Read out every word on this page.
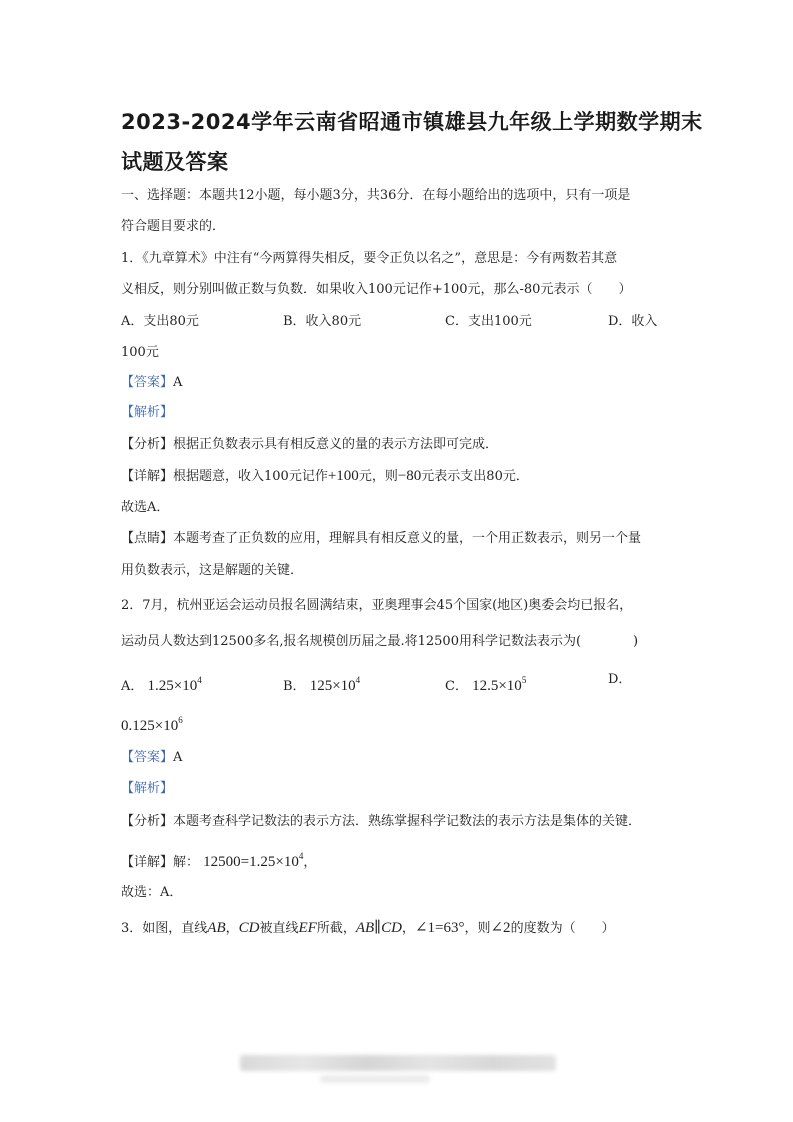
2023-2024学年云南省昭通市镇雄县九年级上学期数学期末
试题及答案
一、选择题：本题共12小题，每小题3分，共36分．在每小题给出的选项中，只有一项是
符合题目要求的．
1．《九章算术》中注有“今两算得失相反，要令正负以名之”，意思是：今有两数若其意
义相反，则分别叫做正数与负数．如果收入100元记作+100元，那么-80元表示（　　）
A．支出80元	B．收入80元	C．支出100元	D．收入
100元
【答案】A
【解析】
【分析】根据正负数表示具有相反意义的量的表示方法即可完成．
【详解】根据题意，收入100元记作+100元，则−80元表示支出80元．
故选A．
【点睛】本题考查了正负数的应用，理解具有相反意义的量，一个用正数表示，则另一个量
用负数表示，这是解题的关键．
2．7月，杭州亚运会运动员报名圆满结束，亚奥理事会45个国家(地区)奥委会均已报名，
运动员人数达到12500多名,报名规模创历届之最.将12500用科学记数法表示为(　　　　)
A． $1.25\times 10^4$	B． $125\times 10^4$	C． $12.5\times 10^5$	D．
$0.125\times 10^6$
【答案】A
【解析】
【分析】本题考查科学记数法的表示方法．熟练掌握科学记数法的表示方法是集体的关键．
【详解】解： $12500=1.25\times 10^4$，
故选：A．
3．如图，直线AB，CD被直线EF所截，AB∥CD，∠1=63°，则∠2的度数为（　　）
